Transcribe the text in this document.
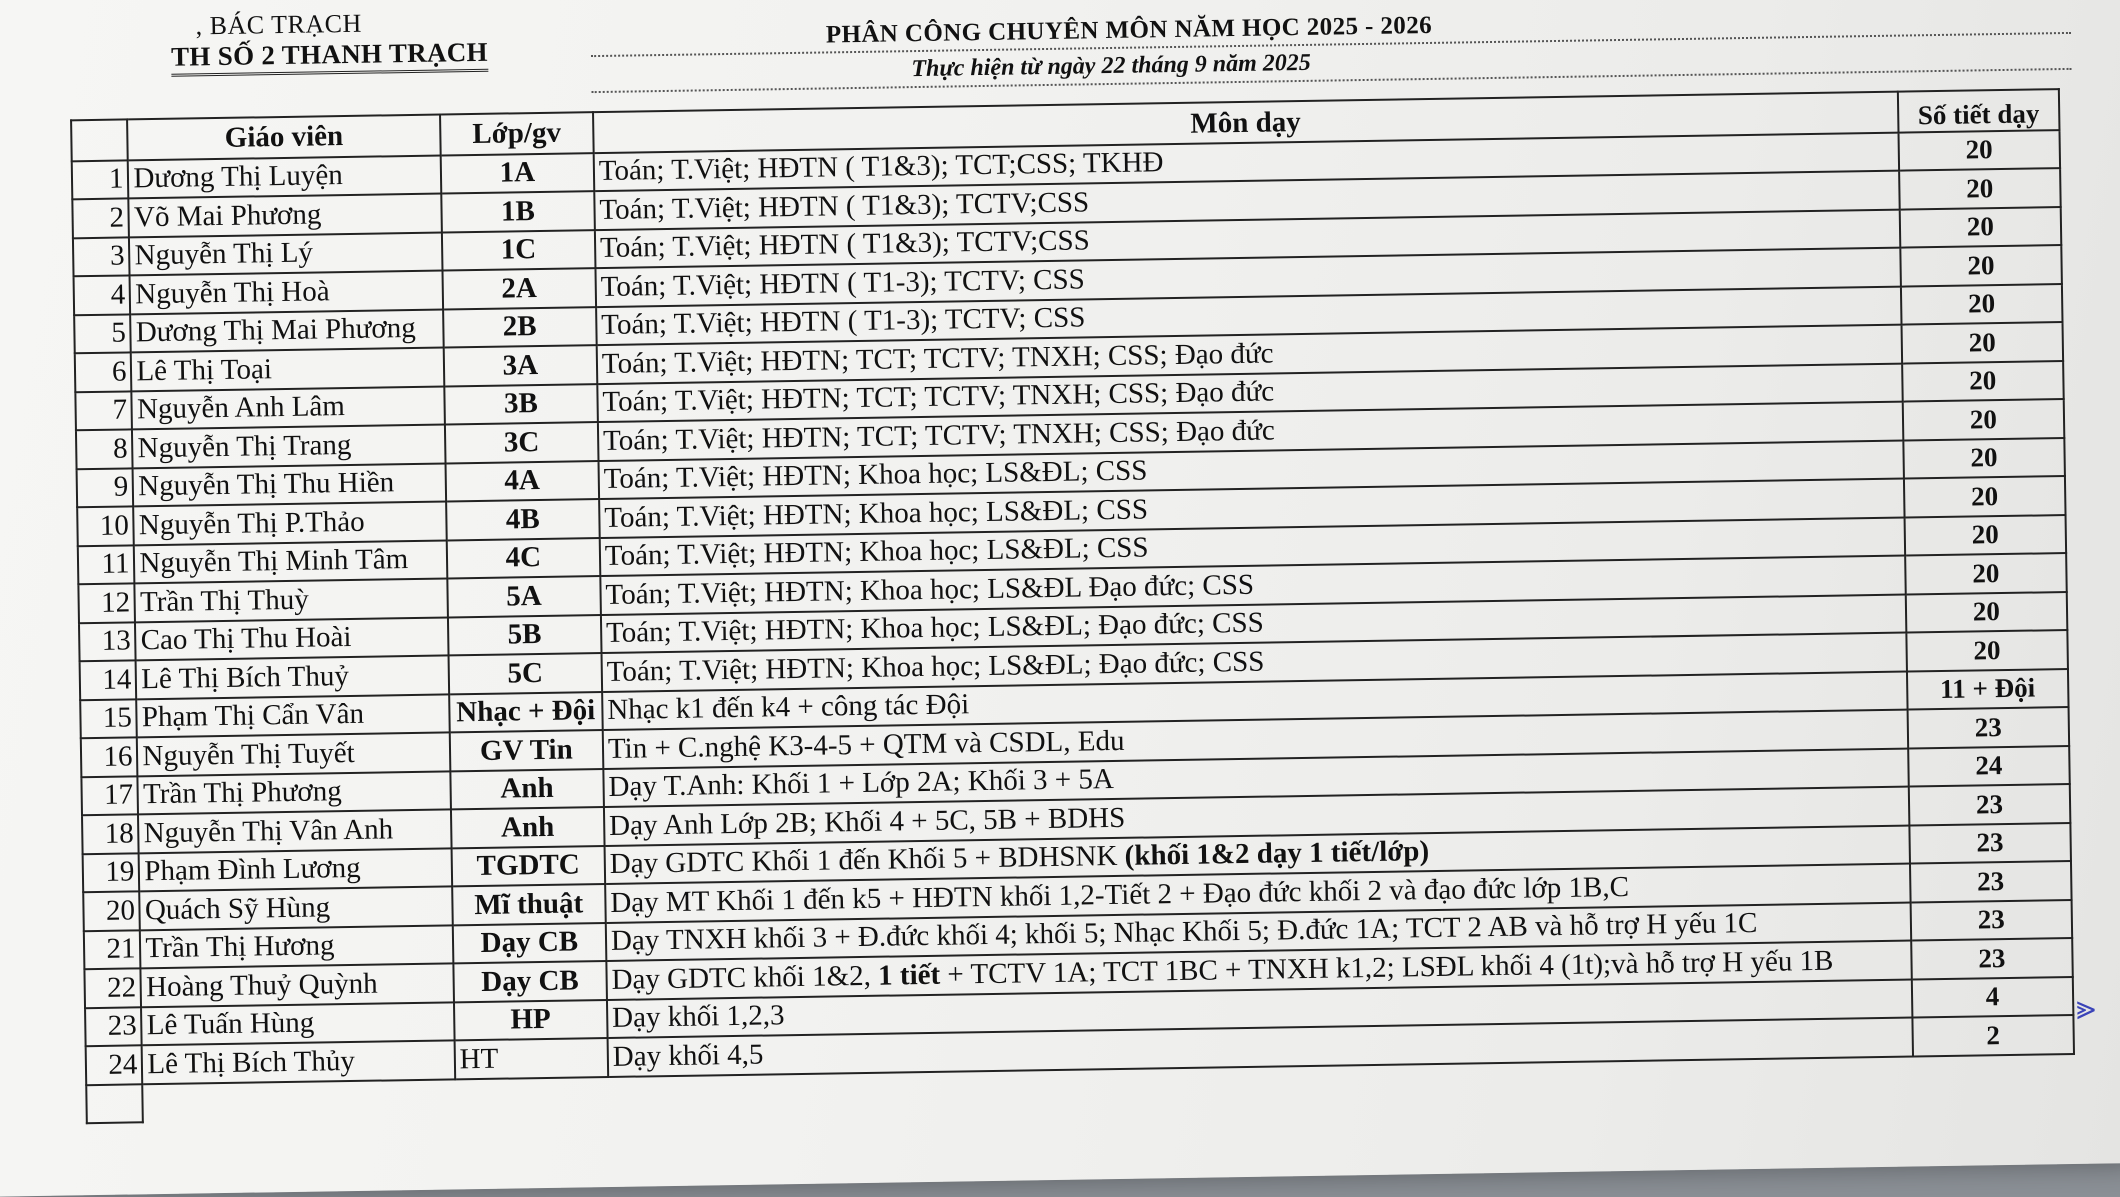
, BÁC TRẠCH
TH SỐ 2 THANH TRẠCH
PHÂN CÔNG CHUYÊN MÔN NĂM HỌC 2025 - 2026
Thực hiện từ ngày 22 tháng 9 năm 2025
	Giáo viên	Lớp/gv	Môn dạy	Số tiết dạy
1	Dương Thị Luyện	1A	Toán; T.Việt; HĐTN ( T1&3); TCT;CSS; TKHĐ	20
2	Võ Mai Phương	1B	Toán; T.Việt; HĐTN ( T1&3); TCTV;CSS	20
3	Nguyễn Thị Lý	1C	Toán; T.Việt; HĐTN ( T1&3); TCTV;CSS	20
4	Nguyễn Thị Hoà	2A	Toán; T.Việt; HĐTN ( T1-3); TCTV; CSS	20
5	Dương Thị Mai Phương	2B	Toán; T.Việt; HĐTN ( T1-3); TCTV; CSS	20
6	Lê Thị Toại	3A	Toán; T.Việt; HĐTN; TCT; TCTV; TNXH; CSS; Đạo đức	20
7	Nguyễn Anh Lâm	3B	Toán; T.Việt; HĐTN; TCT; TCTV; TNXH; CSS; Đạo đức	20
8	Nguyễn Thị Trang	3C	Toán; T.Việt; HĐTN; TCT; TCTV; TNXH; CSS; Đạo đức	20
9	Nguyễn Thị Thu Hiền	4A	Toán; T.Việt; HĐTN; Khoa học; LS&ĐL; CSS	20
10	Nguyễn Thị P.Thảo	4B	Toán; T.Việt; HĐTN; Khoa học; LS&ĐL; CSS	20
11	Nguyễn Thị Minh Tâm	4C	Toán; T.Việt; HĐTN; Khoa học; LS&ĐL; CSS	20
12	Trần Thị Thuỳ	5A	Toán; T.Việt; HĐTN; Khoa học; LS&ĐL Đạo đức; CSS	20
13	Cao Thị Thu Hoài	5B	Toán; T.Việt; HĐTN; Khoa học; LS&ĐL; Đạo đức; CSS	20
14	Lê Thị Bích Thuỷ	5C	Toán; T.Việt; HĐTN; Khoa học; LS&ĐL; Đạo đức; CSS	20
15	Phạm Thị Cẩn Vân	Nhạc + Đội	Nhạc k1 đến k4 + công tác Đội	11 + Đội
16	Nguyễn Thị Tuyết	GV Tin	Tin + C.nghệ K3-4-5 + QTM và CSDL, Edu	23
17	Trần Thị Phương	Anh	Dạy T.Anh: Khối 1 + Lớp 2A; Khối 3 + 5A	24
18	Nguyễn Thị Vân Anh	Anh	Dạy Anh Lớp 2B; Khối 4 + 5C, 5B + BDHS	23
19	Phạm Đình Lương	TGDTC	Dạy GDTC Khối 1 đến Khối 5 + BDHSNK (khối 1&2 dạy 1 tiết/lớp)	23
20	Quách Sỹ Hùng	Mĩ thuật	Dạy MT Khối 1 đến k5 + HĐTN khối 1,2-Tiết 2 + Đạo đức khối 2 và đạo đức lớp 1B,C	23
21	Trần Thị Hương	Dạy CB	Dạy TNXH khối 3 + Đ.đức khối 4; khối 5; Nhạc Khối 5; Đ.đức 1A; TCT 2 AB và hỗ trợ H yếu 1C	23
22	Hoàng Thuỷ Quỳnh	Dạy CB	Dạy GDTC khối 1&2, 1 tiết + TCTV 1A; TCT 1BC + TNXH k1,2; LSĐL khối 4 (1t);và hỗ trợ H yếu 1B	23
23	Lê Tuấn Hùng	HP	Dạy khối 1,2,3	4
24	Lê Thị Bích Thủy	HT	Dạy khối 4,5	2

⪢
